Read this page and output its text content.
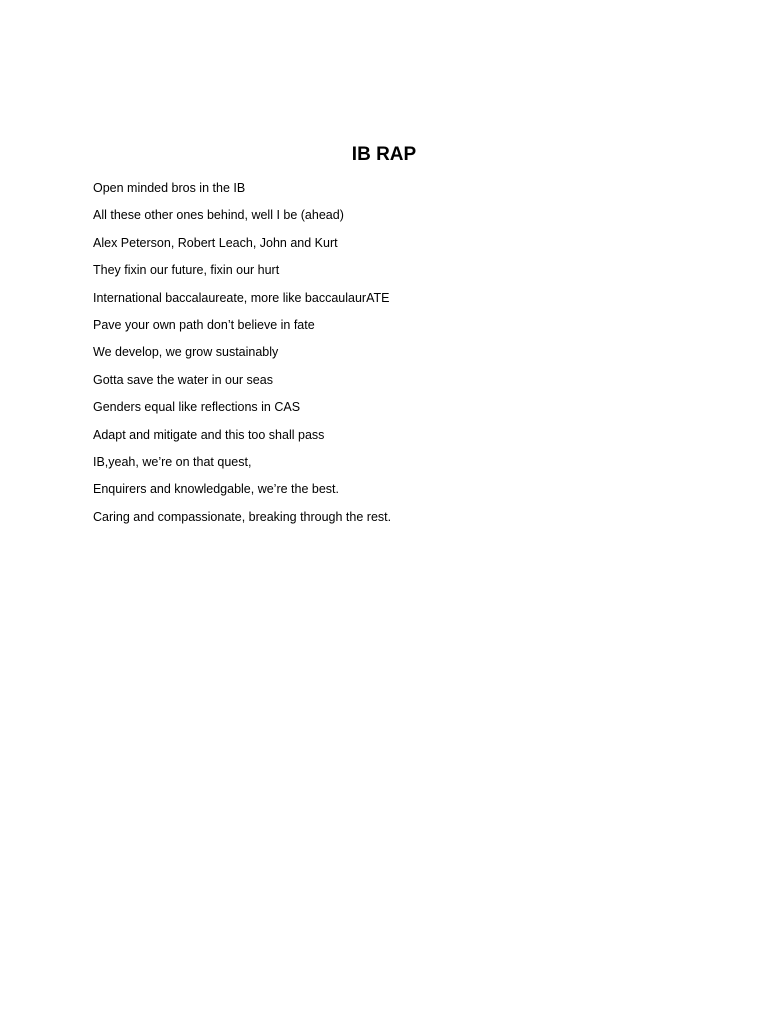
IB RAP
Open minded bros in the IB
All these other ones behind, well I be (ahead)
Alex Peterson, Robert Leach, John and Kurt
They fixin our future, fixin our hurt
International baccalaureate, more like baccaulaurATE
Pave your own path don’t believe in fate
We develop, we grow sustainably
Gotta save the water in our seas
Genders equal like reflections in CAS
Adapt and mitigate and this too shall pass
IB,yeah, we’re on that quest,
Enquirers and knowledgable, we’re the best.
Caring and compassionate, breaking through the rest.
